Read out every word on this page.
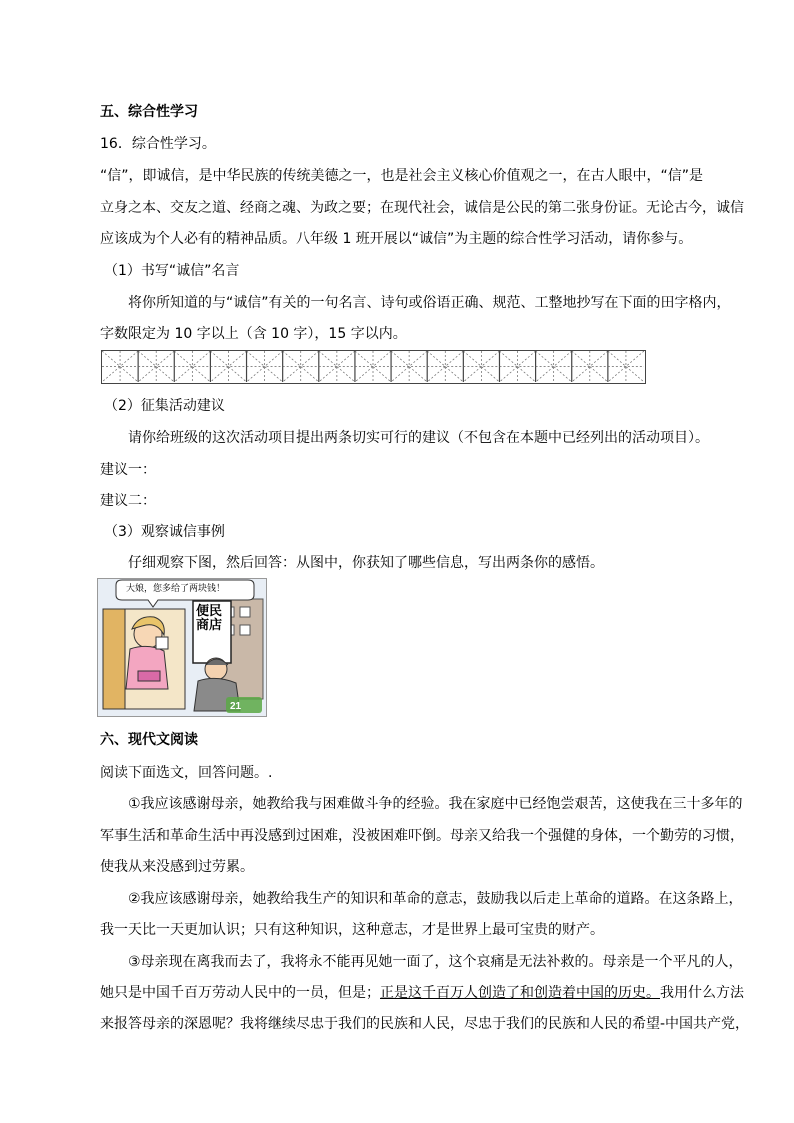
五、综合性学习
16．综合性学习。
“信”，即诚信，是中华民族的传统美德之一，也是社会主义核心价值观之一，在古人眼中，“信”是
立身之本、交友之道、经商之魂、为政之要；在现代社会，诚信是公民的第二张身份证。无论古今，诚信
应该成为个人必有的精神品质。八年级 1 班开展以“诚信”为主题的综合性学习活动，请你参与。
（1）书写“诚信”名言
将你所知道的与“诚信”有关的一句名言、诗句或俗语正确、规范、工整地抄写在下面的田字格内，
字数限定为 10 字以上（含 10 字），15 字以内。
（2）征集活动建议
请你给班级的这次活动项目提出两条切实可行的建议（不包含在本题中已经列出的活动项目）。
建议一：
建议二：
（3）观察诚信事例
仔细观察下图，然后回答：从图中，你获知了哪些信息，写出两条你的感悟。
21
大娘，您多给了两块钱！
便民商店
六、现代文阅读
阅读下面选文，回答问题。.
①我应该感谢母亲，她教给我与困难做斗争的经验。我在家庭中已经饱尝艰苦，这使我在三十多年的
军事生活和革命生活中再没感到过困难，没被困难吓倒。母亲又给我一个强健的身体，一个勤劳的习惯，
使我从来没感到过劳累。
②我应该感谢母亲，她教给我生产的知识和革命的意志，鼓励我以后走上革命的道路。在这条路上，
我一天比一天更加认识；只有这种知识，这种意志，才是世界上最可宝贵的财产。
③母亲现在离我而去了，我将永不能再见她一面了，这个哀痛是无法补救的。母亲是一个平凡的人，
她只是中国千百万劳动人民中的一员，但是；正是这千百万人创造了和创造着中国的历史。我用什么方法
来报答母亲的深恩呢？我将继续尽忠于我们的民族和人民，尽忠于我们的民族和人民的希望-中国共产党，
